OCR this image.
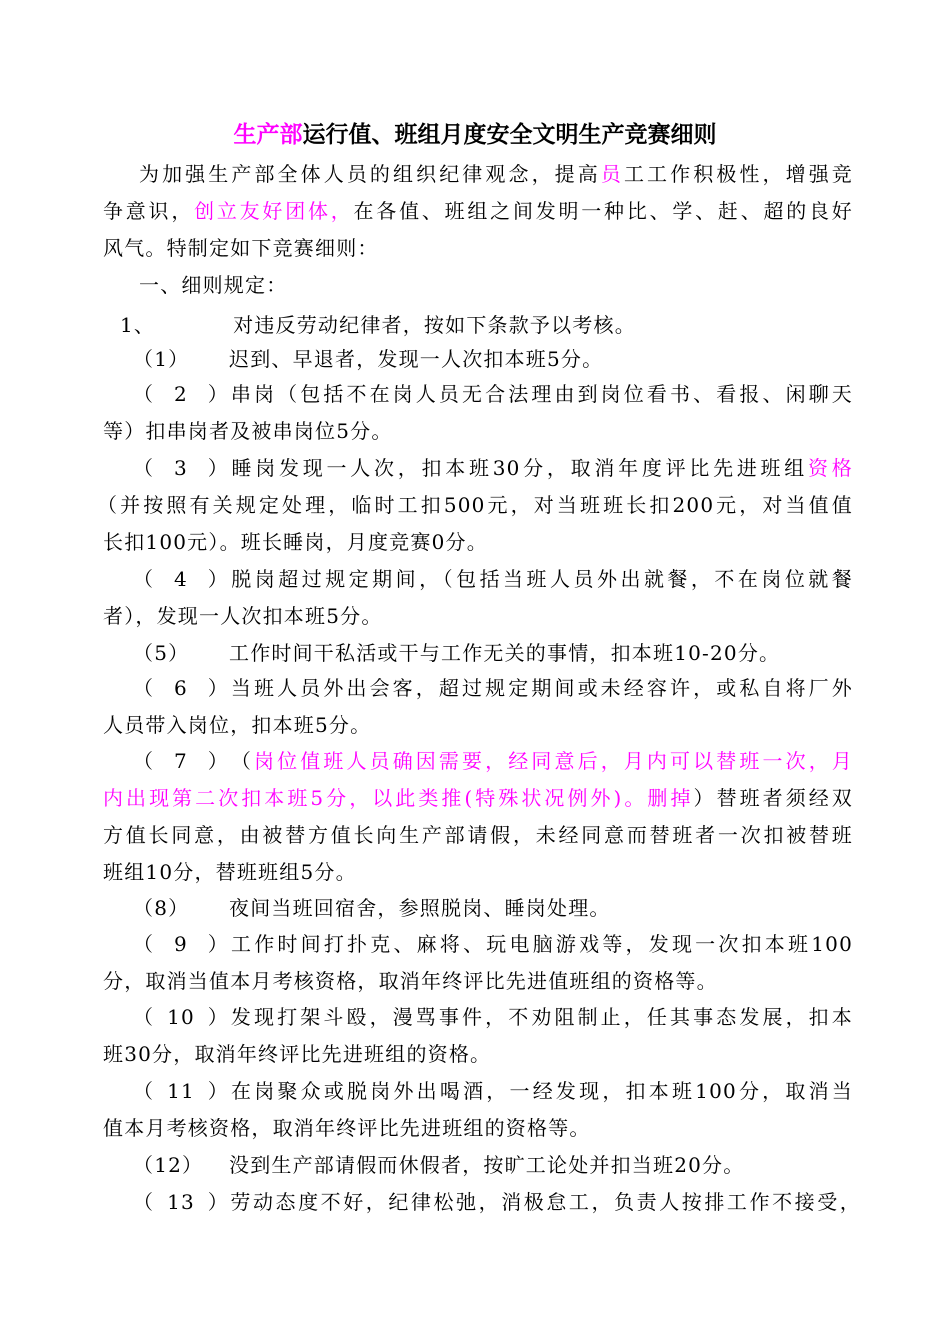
生产部运行值、班组月度安全文明生产竞赛细则
为加强生产部全体人员的组织纪律观念，提高员工工作积极性，增强竞
争意识，创立友好团体，在各值、班组之间发明一种比、学、赶、超的良好
风气。特制定如下竞赛细则：
一、细则规定：
1、	对违反劳动纪律者，按如下条款予以考核。
（1） 迟到、早退者，发现一人次扣本班5分。
（2）串岗（包括不在岗人员无合法理由到岗位看书、看报、闲聊天
等）扣串岗者及被串岗位5分。
（3）睡岗发现一人次，扣本班30分，取消年度评比先进班组资格
（并按照有关规定处理，临时工扣500元，对当班班长扣200元，对当值值
长扣100元）。班长睡岗，月度竞赛0分。
（4）脱岗超过规定期间，（包括当班人员外出就餐，不在岗位就餐
者），发现一人次扣本班5分。
（5） 工作时间干私活或干与工作无关的事情，扣本班10-20分。
（6）当班人员外出会客，超过规定期间或未经容许，或私自将厂外
人员带入岗位，扣本班5分。
（7）（岗位值班人员确因需要，经同意后，月内可以替班一次，月
内出现第二次扣本班5分，以此类推(特殊状况例外)。删掉）替班者须经双
方值长同意，由被替方值长向生产部请假，未经同意而替班者一次扣被替班
班组10分，替班班组5分。
（8） 夜间当班回宿舍，参照脱岗、睡岗处理。
（9）工作时间打扑克、麻将、玩电脑游戏等，发现一次扣本班100
分，取消当值本月考核资格，取消年终评比先进值班组的资格等。
（10）发现打架斗殴，漫骂事件，不劝阻制止，任其事态发展，扣本
班30分，取消年终评比先进班组的资格。
（11）在岗聚众或脱岗外出喝酒，一经发现，扣本班100分，取消当
值本月考核资格，取消年终评比先进班组的资格等。
（12） 没到生产部请假而休假者，按旷工论处并扣当班20分。
（13）劳动态度不好，纪律松弛，消极怠工，负责人按排工作不接受，
